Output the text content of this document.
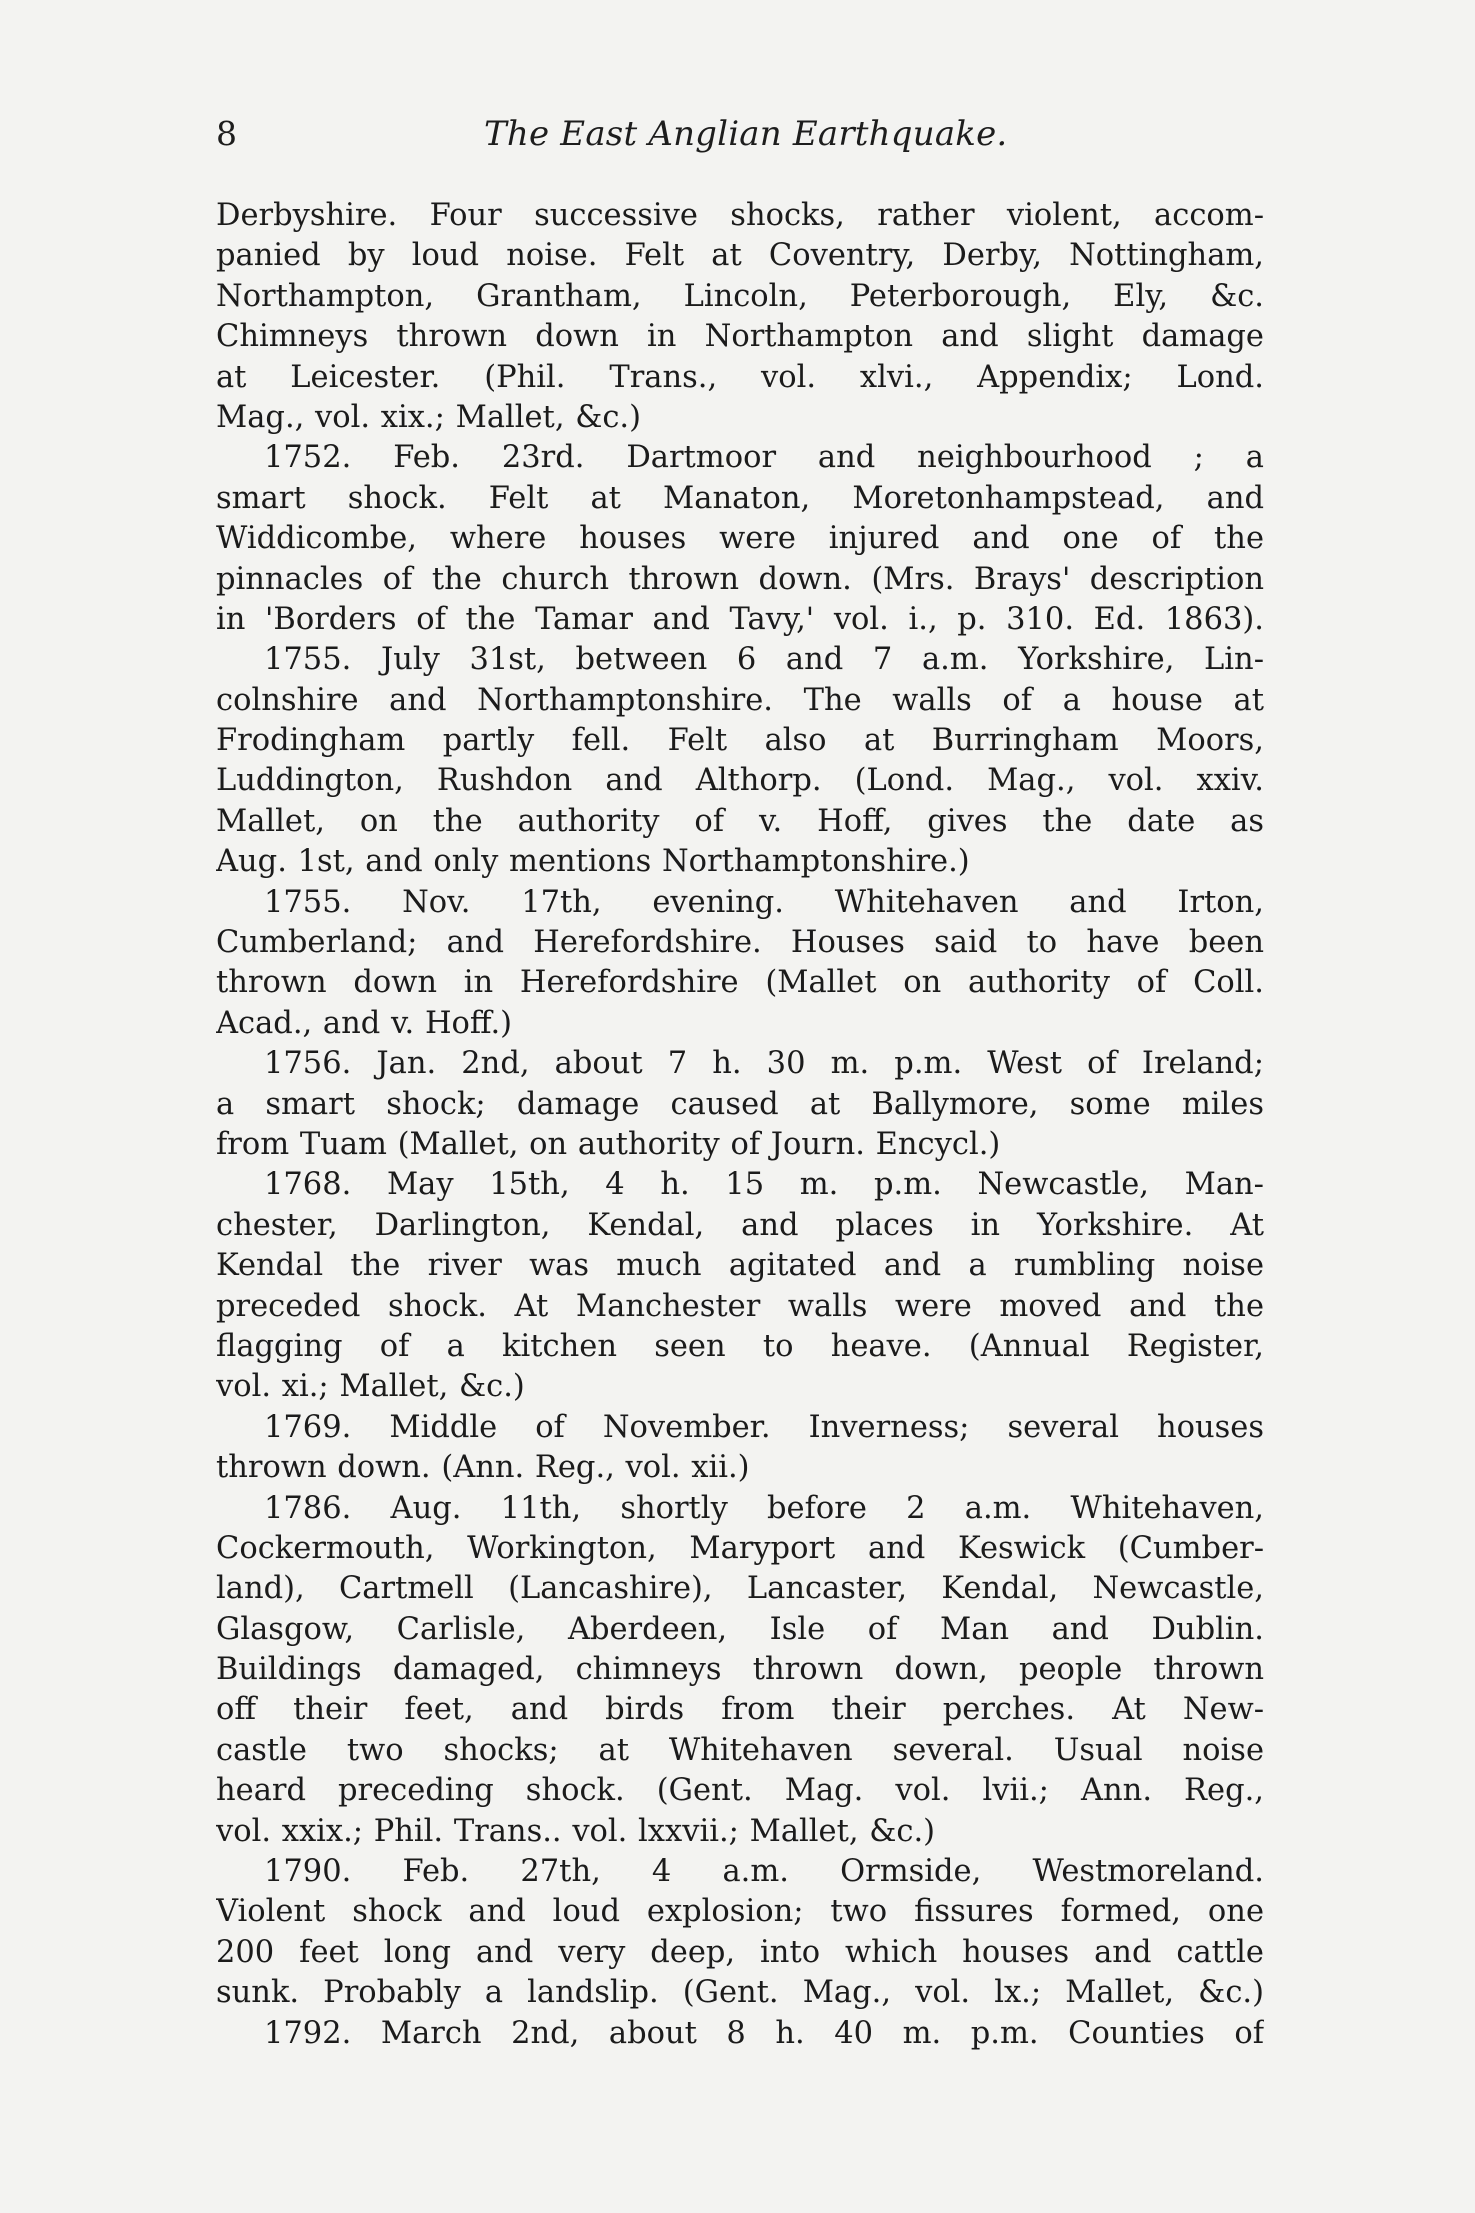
8	The East Anglian Earthquake.
Derbyshire. Four successive shocks, rather violent, accom-
panied by loud noise. Felt at Coventry, Derby, Nottingham,
Northampton, Grantham, Lincoln, Peterborough, Ely, &c.
Chimneys thrown down in Northampton and slight damage
at Leicester. (Phil. Trans., vol. xlvi., Appendix; Lond.
Mag., vol. xix.; Mallet, &c.)
1752. Feb. 23rd. Dartmoor and neighbourhood ; a
smart shock. Felt at Manaton, Moretonhampstead, and
Widdicombe, where houses were injured and one of the
pinnacles of the church thrown down. (Mrs. Brays' description
in 'Borders of the Tamar and Tavy,' vol. i., p. 310. Ed. 1863).
1755. July 31st, between 6 and 7 a.m. Yorkshire, Lin-
colnshire and Northamptonshire. The walls of a house at
Frodingham partly fell. Felt also at Burringham Moors,
Luddington, Rushdon and Althorp. (Lond. Mag., vol. xxiv.
Mallet, on the authority of v. Hoff, gives the date as
Aug. 1st, and only mentions Northamptonshire.)
1755. Nov. 17th, evening. Whitehaven and Irton,
Cumberland; and Herefordshire. Houses said to have been
thrown down in Herefordshire (Mallet on authority of Coll.
Acad., and v. Hoff.)
1756. Jan. 2nd, about 7 h. 30 m. p.m. West of Ireland;
a smart shock; damage caused at Ballymore, some miles
from Tuam (Mallet, on authority of Journ. Encycl.)
1768. May 15th, 4 h. 15 m. p.m. Newcastle, Man-
chester, Darlington, Kendal, and places in Yorkshire. At
Kendal the river was much agitated and a rumbling noise
preceded shock. At Manchester walls were moved and the
flagging of a kitchen seen to heave. (Annual Register,
vol. xi.; Mallet, &c.)
1769. Middle of November. Inverness; several houses
thrown down. (Ann. Reg., vol. xii.)
1786. Aug. 11th, shortly before 2 a.m. Whitehaven,
Cockermouth, Workington, Maryport and Keswick (Cumber-
land), Cartmell (Lancashire), Lancaster, Kendal, Newcastle,
Glasgow, Carlisle, Aberdeen, Isle of Man and Dublin.
Buildings damaged, chimneys thrown down, people thrown
off their feet, and birds from their perches. At New-
castle two shocks; at Whitehaven several. Usual noise
heard preceding shock. (Gent. Mag. vol. lvii.; Ann. Reg.,
vol. xxix.; Phil. Trans.. vol. lxxvii.; Mallet, &c.)
1790. Feb. 27th, 4 a.m. Ormside, Westmoreland.
Violent shock and loud explosion; two fissures formed, one
200 feet long and very deep, into which houses and cattle
sunk. Probably a landslip. (Gent. Mag., vol. lx.; Mallet, &c.)
1792. March 2nd, about 8 h. 40 m. p.m. Counties of
